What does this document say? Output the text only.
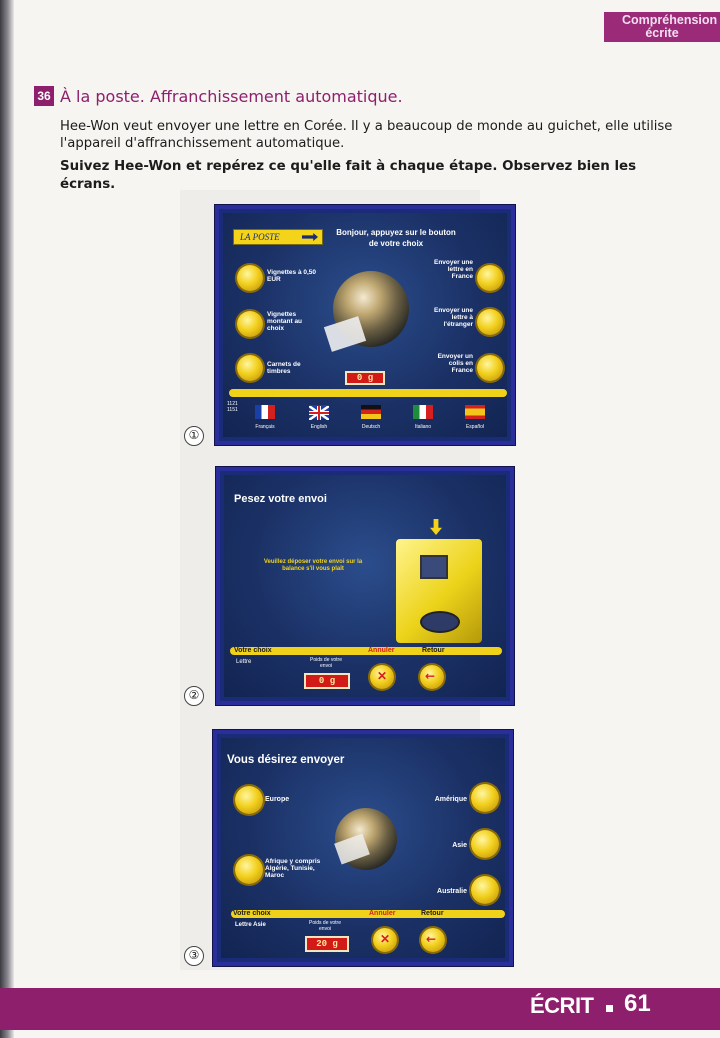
Compréhension écrite
36 À la poste. Affranchissement automatique.

Hee-Won veut envoyer une lettre en Corée. Il y a beaucoup de monde au guichet, elle utilise l'appareil d'affranchissement automatique.

Suivez Hee-Won et repérez ce qu'elle fait à chaque étape. Observez bien les écrans.

LA POSTE	Bonjour, appuyez sur le bouton de votre choix
Vignettes à 0,50 EUR
Vignettes montant au choix
Carnets de timbres
Envoyer une lettre en France
Envoyer une lettre à l'étranger
Envoyer un colis en France
0 g
1121 1151
Français	English	Deutsch	Italiano	Español
①
Pesez votre envoi
Veuillez déposer votre envoi sur la balance s'il vous plaît
Votre choix	Annuler	Retour
Lettre	Poids de votre envoi
0 g	✕	←
②
Vous désirez envoyer
Europe
Afrique y compris Algérie, Tunisie, Maroc
Amérique
Asie
Australie
Votre choix	Annuler	Retour
Lettre Asie	Poids de votre envoi
20 g	✕	←
③
ÉCRIT 61
